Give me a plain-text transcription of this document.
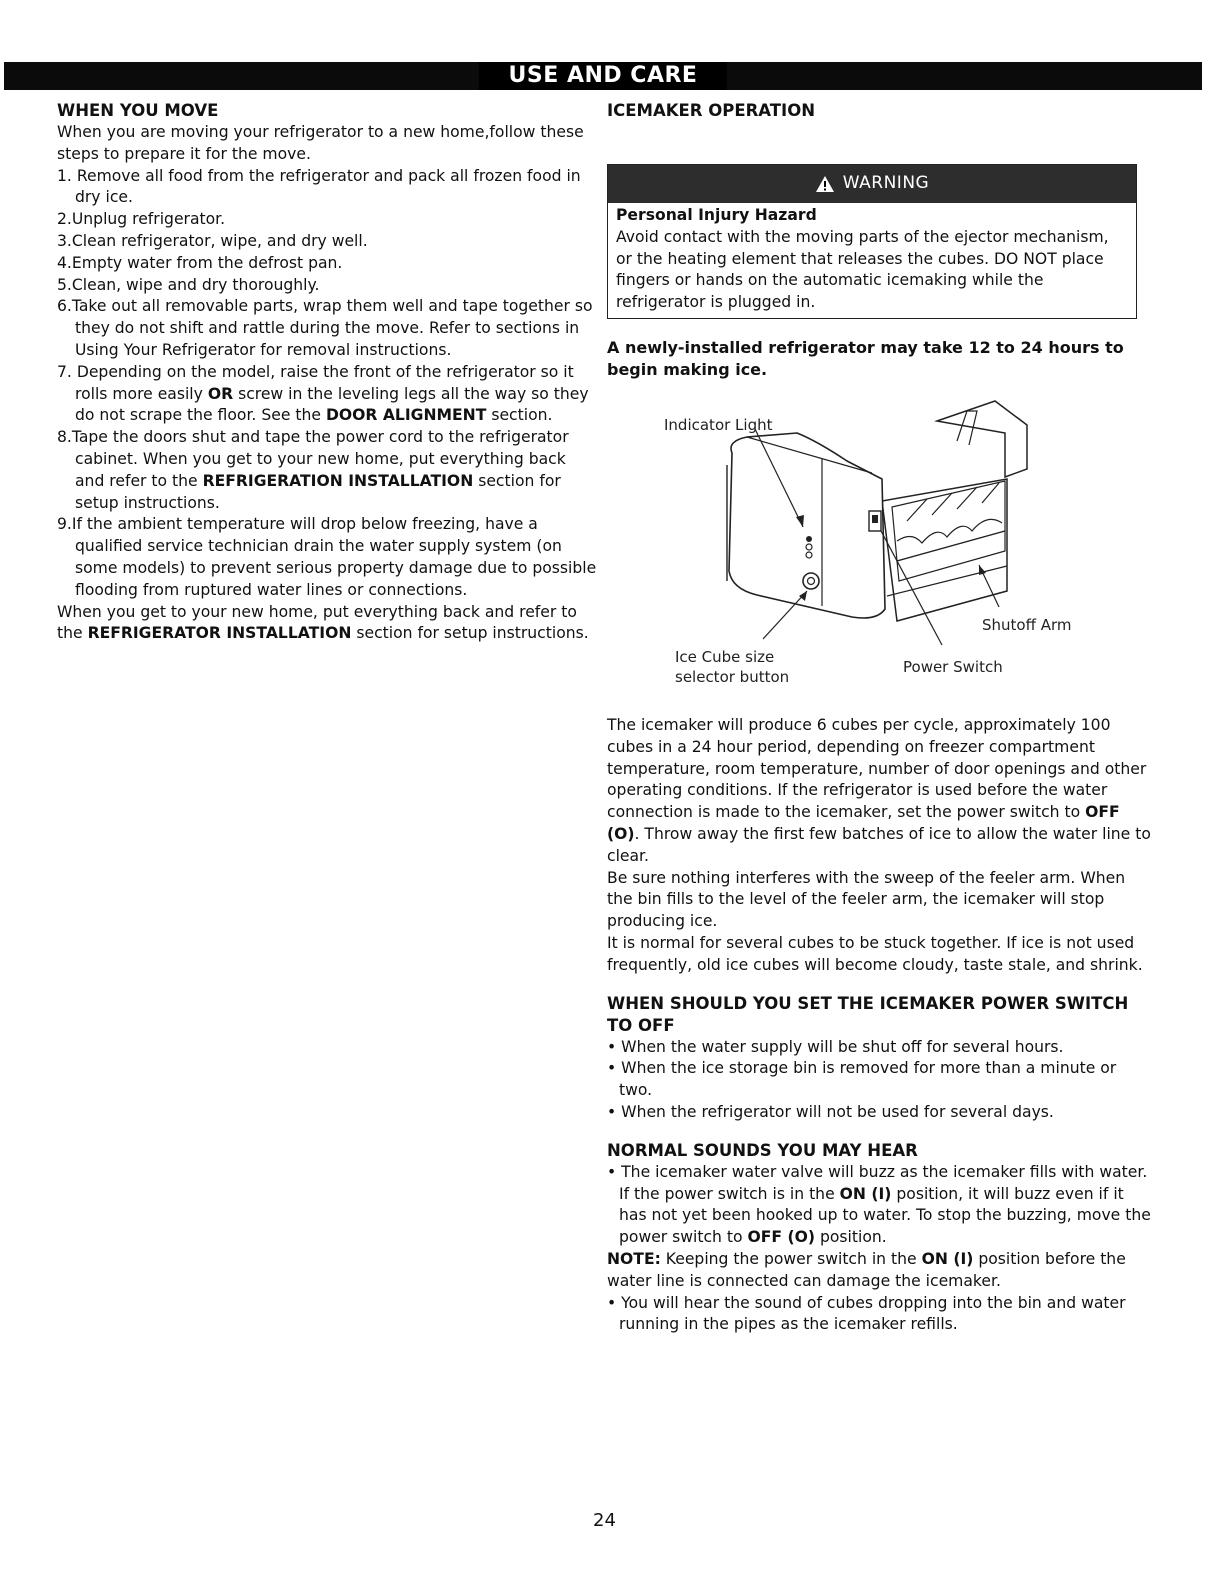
USE AND CARE
WHEN YOU MOVE

When you are moving your refrigerator to a new home,follow these steps to prepare it for the move.

1. Remove all food from the refrigerator and pack all frozen food in dry ice.

2.Unplug refrigerator.

3.Clean refrigerator, wipe, and dry well.

4.Empty water from the defrost pan.

5.Clean, wipe and dry thoroughly.

6.Take out all removable parts, wrap them well and tape together so they do not shift and rattle during the move. Refer to sections in Using Your Refrigerator for removal instructions.

7. Depending on the model, raise the front of the refrigerator so it rolls more easily OR screw in the leveling legs all the way so they do not scrape the floor. See the DOOR ALIGNMENT section.

8.Tape the doors shut and tape the power cord to the refrigerator cabinet. When you get to your new home, put everything back and refer to the REFRIGERATION INSTALLATION section for setup instructions.

9.If the ambient temperature will drop below freezing, have a qualified service technician drain the water supply system (on some models) to prevent serious property damage due to possible flooding from ruptured water lines or connections.

When you get to your new home, put everything back and refer to the REFRIGERATOR INSTALLATION section for setup instructions.

ICEMAKER OPERATION
WARNING
Personal Injury Hazard
Avoid contact with the moving parts of the ejector mechanism, or the heating element that releases the cubes. DO NOT place fingers or hands on the automatic icemaking while the refrigerator is plugged in.

A newly-installed refrigerator may take 12 to 24 hours to begin making ice.

Indicator Light
Shutoff Arm
Ice Cube size
selector button
Power Switch

The icemaker will produce 6 cubes per cycle, approximately 100 cubes in a 24 hour period, depending on freezer compartment temperature, room temperature, number of door openings and other operating conditions. If the refrigerator is used before the water connection is made to the icemaker, set the power switch to OFF (O). Throw away the first few batches of ice to allow the water line to clear.

Be sure nothing interferes with the sweep of the feeler arm. When the bin fills to the level of the feeler arm, the icemaker will stop producing ice.

It is normal for several cubes to be stuck together. If ice is not used frequently, old ice cubes will become cloudy, taste stale, and shrink.

WHEN SHOULD YOU SET THE ICEMAKER POWER SWITCH TO OFF

• When the water supply will be shut off for several hours.

• When the ice storage bin is removed for more than a minute or two.

• When the refrigerator will not be used for several days.

NORMAL SOUNDS YOU MAY HEAR

• The icemaker water valve will buzz as the icemaker fills with water. If the power switch is in the ON (I) position, it will buzz even if it has not yet been hooked up to water. To stop the buzzing, move the power switch to OFF (O) position.

NOTE: Keeping the power switch in the ON (I) position before the water line is connected can damage the icemaker.

• You will hear the sound of cubes dropping into the bin and water running in the pipes as the icemaker refills.

24
